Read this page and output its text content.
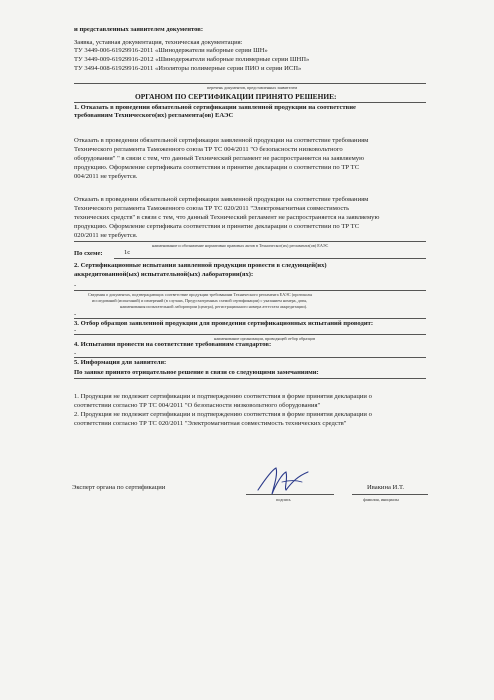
и представленных заявителем документов:
Заявка, уставная документация, техническая документация:
ТУ 3449-006-61929916-2011 «Шинодержатели наборные серии ШН»
ТУ 3449-009-61929916-2012 «Шинодержатели наборные полимерные серии ШНП»
ТУ 3494-008-61929916-2011 «Изоляторы полимерные серии ПИО и серии ИСП»
перечень документов, представленных заявителем
ОРГАНОМ ПО СЕРТИФИКАЦИИ ПРИНЯТО РЕШЕНИЕ:
1. Отказать в проведении обязательной сертификации заявленной продукции на соответствие
требованиям Технического(их) регламента(ов) ЕАЭС
Отказать в проведении обязательной сертификации заявленной продукции на соответствие требованиям
Технического регламента Таможенного союза ТР ТС 004/2011 "О безопасности низковольтного
оборудования" " в связи с тем, что данный Технический регламент не распространяется на заявляемую
продукцию. Оформление сертификата соответствия и принятие декларации о соответствии по ТР ТС
004/2011 не требуется.
Отказать в проведении обязательной сертификации заявленной продукции на соответствие требованиям
Технического регламента Таможенного союза ТР ТС 020/2011 "Электромагнитная совместимость
технических средств" в связи с тем, что данный Технический регламент не распространяется на заявляемую
продукцию. Оформление сертификата соответствия и принятие декларации о соответствии по ТР ТС
020/2011 не требуется.
наименование и обозначение нормативно правовых актов в Техническог(их) регламента(ов) ЕАЭС
По схеме:	1с
2. Сертификационные испытания заявленной продукции провести в следующей(их)
аккредитованной(ых) испытательной(ых) лаборатории(ях):
-
Сведения о документах, подтверждающих соответствие продукции требованиям Технического регламента ЕАЭС (протоколы
исследований (испытаний) и измерений (в случаях, Предусмотренных схемой сертификации) с указанием номера, даты,
наименования испытательной лаборатории (центра), регистрационного номера аттестата аккредитации).
-
3. Отбор образцов заявленной продукции для проведения сертификационных испытаний проводит:
-
наименование организации, проводящей отбор образцов
4. Испытания провести на соответствие требованиям стандартов:
-
5. Информация для заявителя:
По заявке принято отрицательное решение в связи со следующими замечаниями:
1. Продукция не подлежит сертификации и подтверждению соответствия в форме принятия декларации о
соответствии согласно ТР ТС 004/2011 "О безопасности низковольтного оборудования"
2. Продукция не подлежит сертификации и подтверждению соответствия в форме принятия декларации о
соответствии согласно ТР ТС 020/2011 "Электромагнитная совместимость технических средств"
Эксперт органа по сертификации
подпись
Ивакина И.Т.
фамилия, инициалы
